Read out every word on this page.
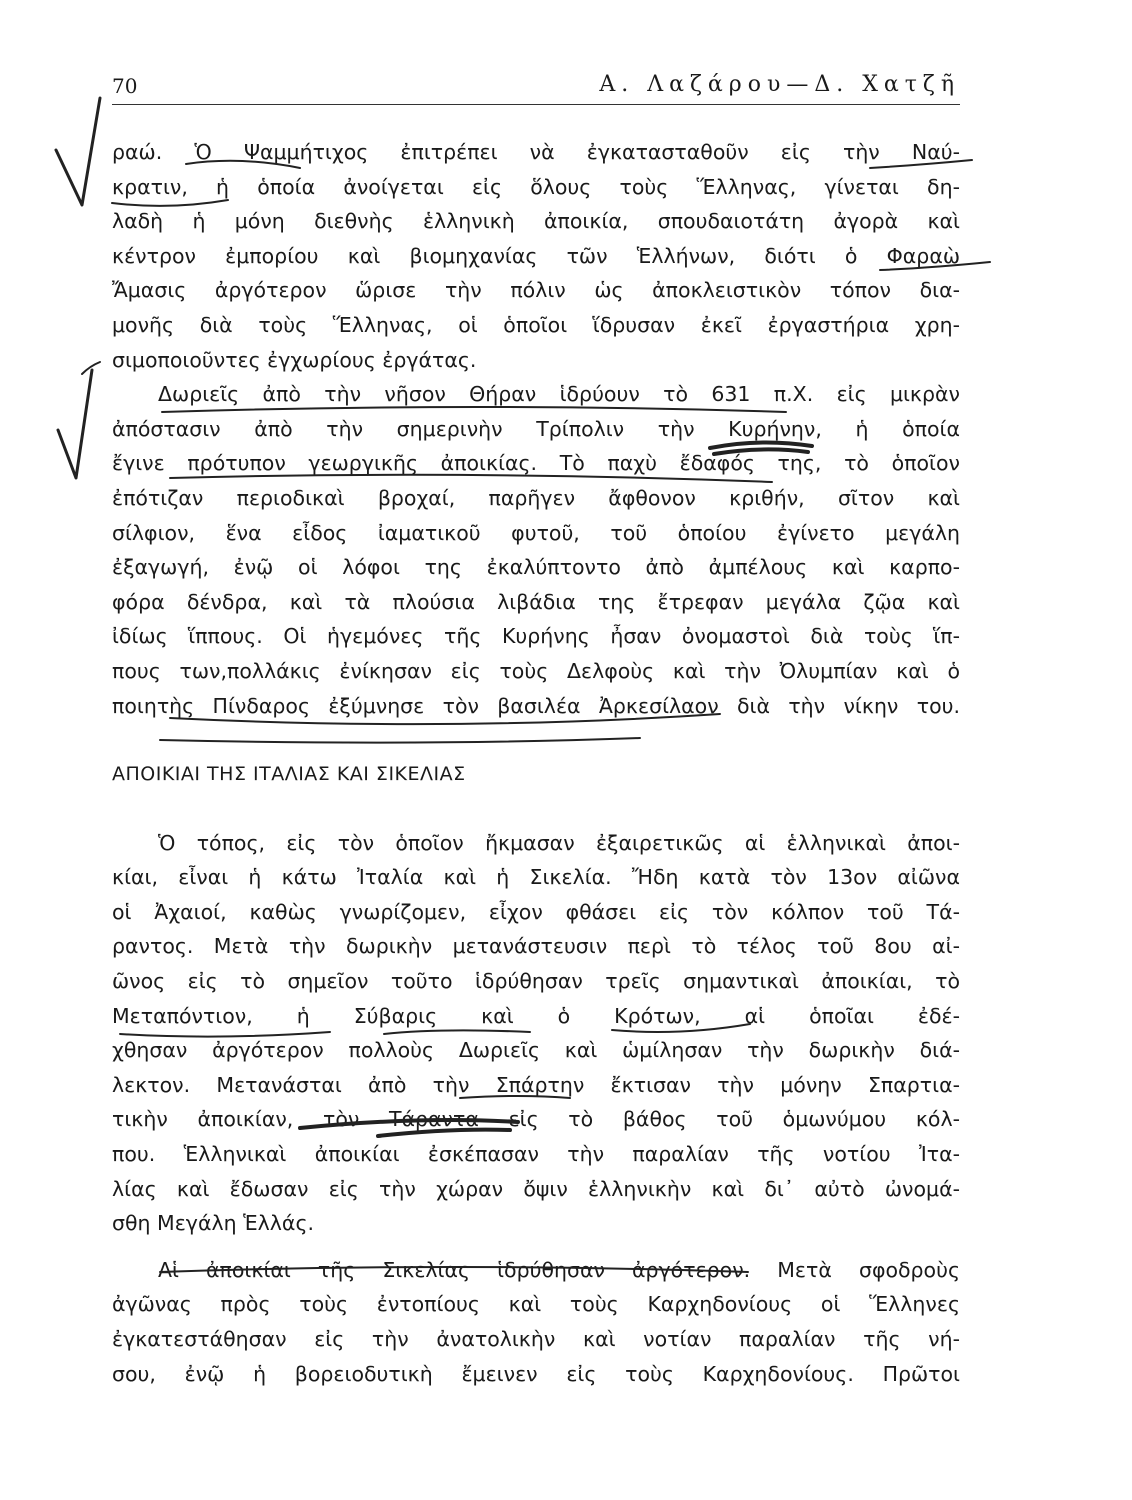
70	Α. Λαζάρου—Δ. Χατζῆ
ραώ. Ὁ Ψαμμήτιχος ἐπιτρέπει νὰ ἐγκατασταθοῦν εἰς τὴν Ναύ-
κρατιν, ἡ ὁποία ἀνοίγεται εἰς ὅλους τοὺς Ἕλληνας, γίνεται δη-
λαδὴ ἡ μόνη διεθνὴς ἑλληνικὴ ἀποικία, σπουδαιοτάτη ἀγορὰ καὶ
κέντρον ἐμπορίου καὶ βιομηχανίας τῶν Ἑλλήνων, διότι ὁ Φαραὼ
Ἄμασις ἀργότερον ὥρισε τὴν πόλιν ὡς ἀποκλειστικὸν τόπον δια-
μονῆς διὰ τοὺς Ἕλληνας, οἱ ὁποῖοι ἵδρυσαν ἐκεῖ ἐργαστήρια χρη-
σιμοποιοῦντες ἐγχωρίους ἐργάτας.
Δωριεῖς ἀπὸ τὴν νῆσον Θήραν ἱδρύουν τὸ 631 π.Χ. εἰς μικρὰν
ἀπόστασιν ἀπὸ τὴν σημερινὴν Τρίπολιν τὴν Κυρήνην, ἡ ὁποία
ἔγινε πρότυπον γεωργικῆς ἀποικίας. Τὸ παχὺ ἔδαφός της, τὸ ὁποῖον
ἐπότιζαν περιοδικαὶ βροχαί, παρῆγεν ἄφθονον κριθήν, σῖτον καὶ
σίλφιον, ἕνα εἶδος ἰαματικοῦ φυτοῦ, τοῦ ὁποίου ἐγίνετο μεγάλη
ἐξαγωγή, ἐνῷ οἱ λόφοι της ἐκαλύπτοντο ἀπὸ ἀμπέλους καὶ καρπο-
φόρα δένδρα, καὶ τὰ πλούσια λιβάδια της ἔτρεφαν μεγάλα ζῷα καὶ
ἰδίως ἵππους. Οἱ ἡγεμόνες τῆς Κυρήνης ἦσαν ὀνομαστοὶ διὰ τοὺς ἵπ-
πους των,πολλάκις ἐνίκησαν εἰς τοὺς Δελφοὺς καὶ τὴν Ὀλυμπίαν καὶ ὁ
ποιητὴς Πίνδαρος ἐξύμνησε τὸν βασιλέα Ἀρκεσίλαον διὰ τὴν νίκην του.
ΑΠΟΙΚΙΑΙ ΤΗΣ ΙΤΑΛΙΑΣ ΚΑΙ ΣΙΚΕΛΙΑΣ
Ὁ τόπος, εἰς τὸν ὁποῖον ἤκμασαν ἐξαιρετικῶς αἱ ἑλληνικαὶ ἀποι-
κίαι, εἶναι ἡ κάτω Ἰταλία καὶ ἡ Σικελία. Ἤδη κατὰ τὸν 13ον αἰῶνα
οἱ Ἀχαιοί, καθὼς γνωρίζομεν, εἶχον φθάσει εἰς τὸν κόλπον τοῦ Τά-
ραντος. Μετὰ τὴν δωρικὴν μετανάστευσιν περὶ τὸ τέλος τοῦ 8ου αἰ-
ῶνος εἰς τὸ σημεῖον τοῦτο ἱδρύθησαν τρεῖς σημαντικαὶ ἀποικίαι, τὸ
Μεταπόντιον, ἡ Σύβαρις καὶ ὁ Κρότων, αἱ ὁποῖαι ἐδέ-
χθησαν ἀργότερον πολλοὺς Δωριεῖς καὶ ὡμίλησαν τὴν δωρικὴν διά-
λεκτον. Μετανάσται ἀπὸ τὴν Σπάρτην ἔκτισαν τὴν μόνην Σπαρτια-
τικὴν ἀποικίαν, τὸν Τάραντα εἰς τὸ βάθος τοῦ ὁμωνύμου κόλ-
που. Ἑλληνικαὶ ἀποικίαι ἐσκέπασαν τὴν παραλίαν τῆς νοτίου Ἰτα-
λίας καὶ ἔδωσαν εἰς τὴν χώραν ὄψιν ἑλληνικὴν καὶ δι᾿ αὐτὸ ὠνομά-
σθη Μεγάλη Ἑλλάς.
Αἱ ἀποικίαι τῆς Σικελίας ἱδρύθησαν ἀργότερον. Μετὰ σφοδροὺς
ἀγῶνας πρὸς τοὺς ἐντοπίους καὶ τοὺς Καρχηδονίους οἱ Ἕλληνες
ἐγκατεστάθησαν εἰς τὴν ἀνατολικὴν καὶ νοτίαν παραλίαν τῆς νή-
σου, ἐνῷ ἡ βορειοδυτικὴ ἔμεινεν εἰς τοὺς Καρχηδονίους. Πρῶτοι
